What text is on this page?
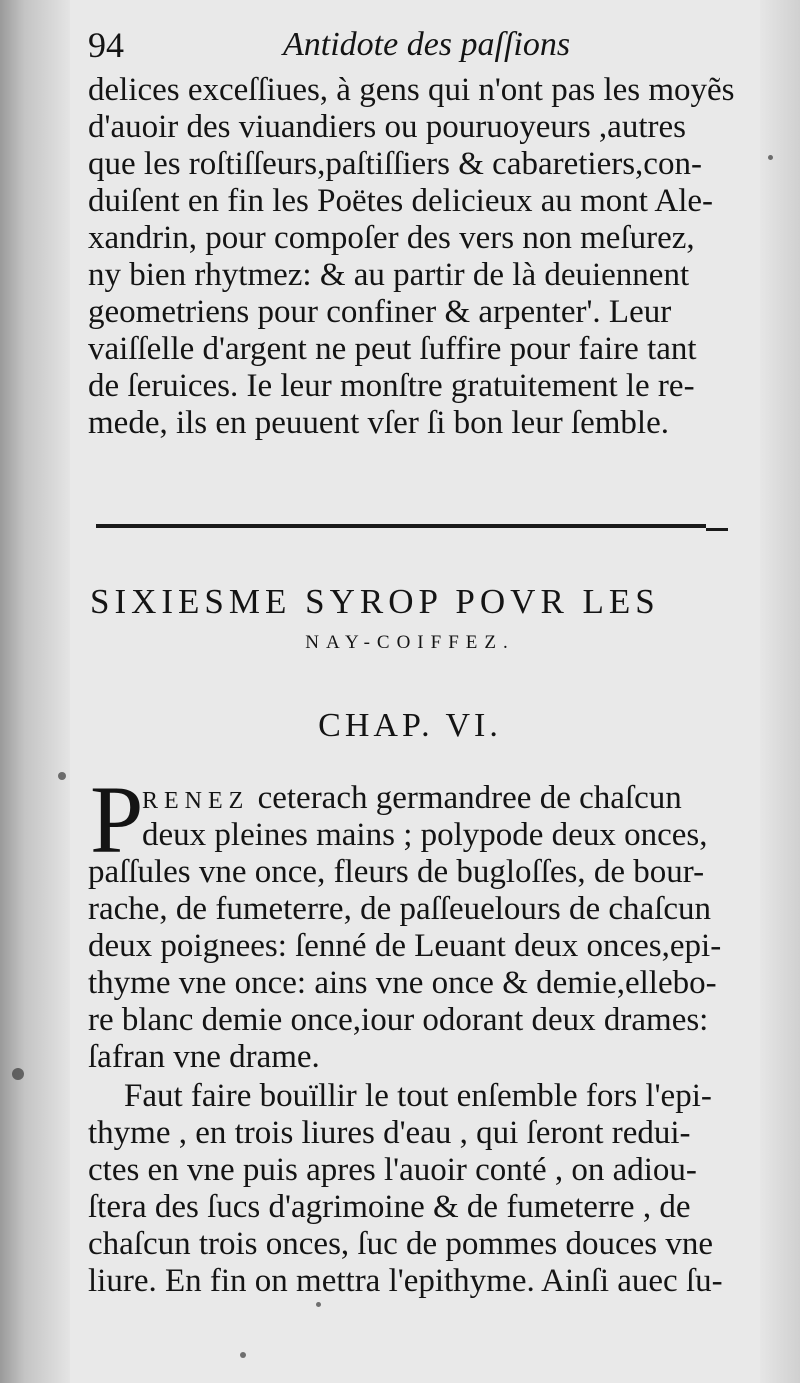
94	Antidote des paſſions
delices exceſſiues, à gens qui n'ont pas les moyẽs
d'auoir des viuandiers ou pouruoyeurs ,autres
que les roſtiſſeurs,paſtiſſiers & cabaretiers,con-
duiſent en fin les Poëtes delicieux au mont Ale-
xandrin, pour compoſer des vers non meſurez,
ny bien rhytmez: & au partir de là deuiennent
geometriens pour confiner & arpenter'. Leur
vaiſſelle d'argent ne peut ſuffire pour faire tant
de ſeruices. Ie leur monſtre gratuitement le re-
mede, ils en peuuent vſer ſi bon leur ſemble.
SIXIESME SYROP POVR LES
NAY-COIFFEZ.
CHAP. VI.
P
RENEZ ceterach germandree de chaſcun
deux pleines mains ; polypode deux onces,
paſſules vne once, fleurs de bugloſſes, de bour-
rache, de fumeterre, de paſſeuelours de chaſcun
deux poignees: ſenné de Leuant deux onces,epi-
thyme vne once: ains vne once & demie,ellebo-
re blanc demie once,iour odorant deux drames:
ſafran vne drame.
Faut faire bouïllir le tout enſemble fors l'epi-
thyme , en trois liures d'eau , qui ſeront redui-
ctes en vne puis apres l'auoir conté , on adiou-
ſtera des ſucs d'agrimoine & de fumeterre , de
chaſcun trois onces, ſuc de pommes douces vne
liure. En fin on mettra l'epithyme. Ainſi auec ſu-
